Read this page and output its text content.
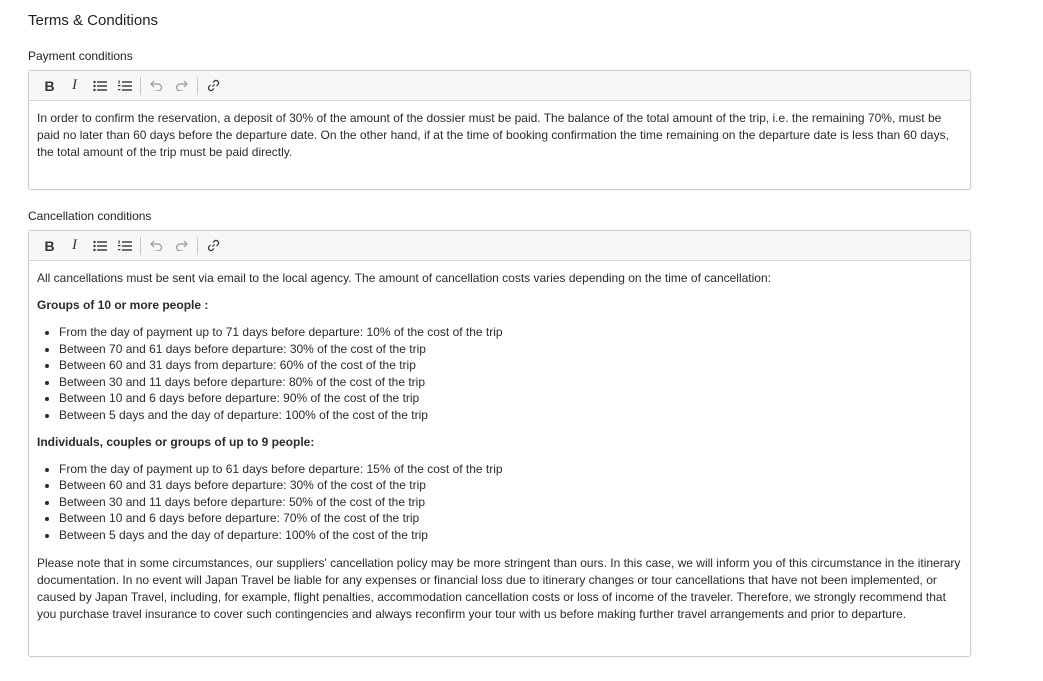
Terms & Conditions
Payment conditions
B	I

In order to confirm the reservation, a deposit of 30% of the amount of the dossier must be paid. The balance of the total amount of the trip, i.e. the remaining 70%, must be paid no later than 60 days before the departure date. On the other hand, if at the time of booking confirmation the time remaining on the departure date is less than 60 days, the total amount of the trip must be paid directly.

Cancellation conditions
B	I

All cancellations must be sent via email to the local agency. The amount of cancellation costs varies depending on the time of cancellation:

Groups of 10 or more people :

• From the day of payment up to 71 days before departure: 10% of the cost of the trip
• Between 70 and 61 days before departure: 30% of the cost of the trip
• Between 60 and 31 days from departure: 60% of the cost of the trip
• Between 30 and 11 days before departure: 80% of the cost of the trip
• Between 10 and 6 days before departure: 90% of the cost of the trip
• Between 5 days and the day of departure: 100% of the cost of the trip

Individuals, couples or groups of up to 9 people:

• From the day of payment up to 61 days before departure: 15% of the cost of the trip
• Between 60 and 31 days before departure: 30% of the cost of the trip
• Between 30 and 11 days before departure: 50% of the cost of the trip
• Between 10 and 6 days before departure: 70% of the cost of the trip
• Between 5 days and the day of departure: 100% of the cost of the trip

Please note that in some circumstances, our suppliers' cancellation policy may be more stringent than ours. In this case, we will inform you of this circumstance in the itinerary documentation. In no event will Japan Travel be liable for any expenses or financial loss due to itinerary changes or tour cancellations that have not been implemented, or caused by Japan Travel, including, for example, flight penalties, accommodation cancellation costs or loss of income of the traveler. Therefore, we strongly recommend that you purchase travel insurance to cover such contingencies and always reconfirm your tour with us before making further travel arrangements and prior to departure.
